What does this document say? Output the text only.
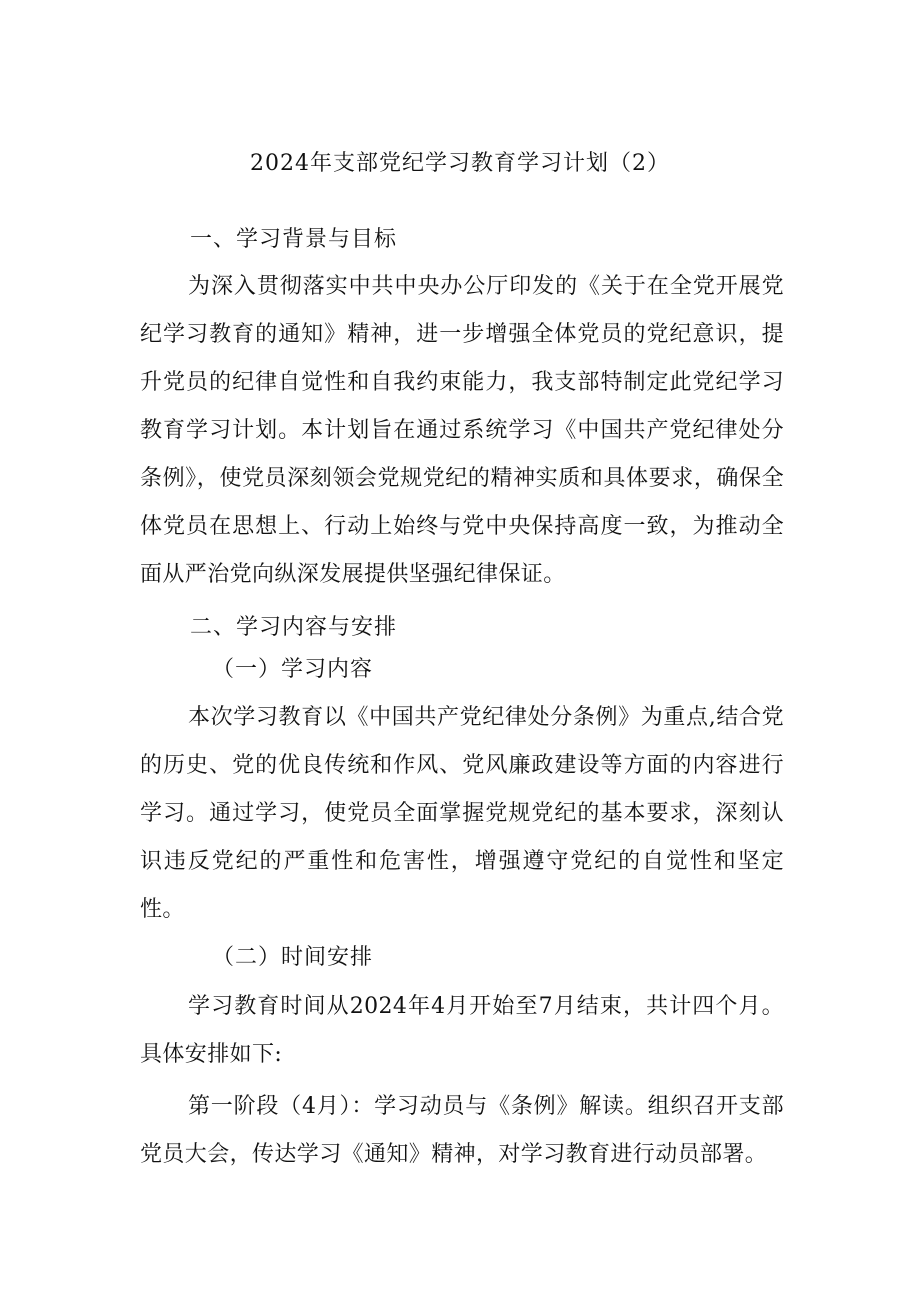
2024年支部党纪学习教育学习计划（2）
一、学习背景与目标

为深入贯彻落实中共中央办公厅印发的《关于在全党开展党纪学习教育的通知》精神，进一步增强全体党员的党纪意识，提升党员的纪律自觉性和自我约束能力，我支部特制定此党纪学习教育学习计划。本计划旨在通过系统学习《中国共产党纪律处分条例》，使党员深刻领会党规党纪的精神实质和具体要求，确保全体党员在思想上、行动上始终与党中央保持高度一致，为推动全面从严治党向纵深发展提供坚强纪律保证。

二、学习内容与安排
（一）学习内容

本次学习教育以《中国共产党纪律处分条例》为重点,结合党的历史、党的优良传统和作风、党风廉政建设等方面的内容进行学习。通过学习，使党员全面掌握党规党纪的基本要求，深刻认识违反党纪的严重性和危害性，增强遵守党纪的自觉性和坚定性。

（二）时间安排

学习教育时间从2024年4月开始至7月结束，共计四个月。具体安排如下:

第一阶段（4月）：学习动员与《条例》解读。组织召开支部党员大会，传达学习《通知》精神，对学习教育进行动员部署。
